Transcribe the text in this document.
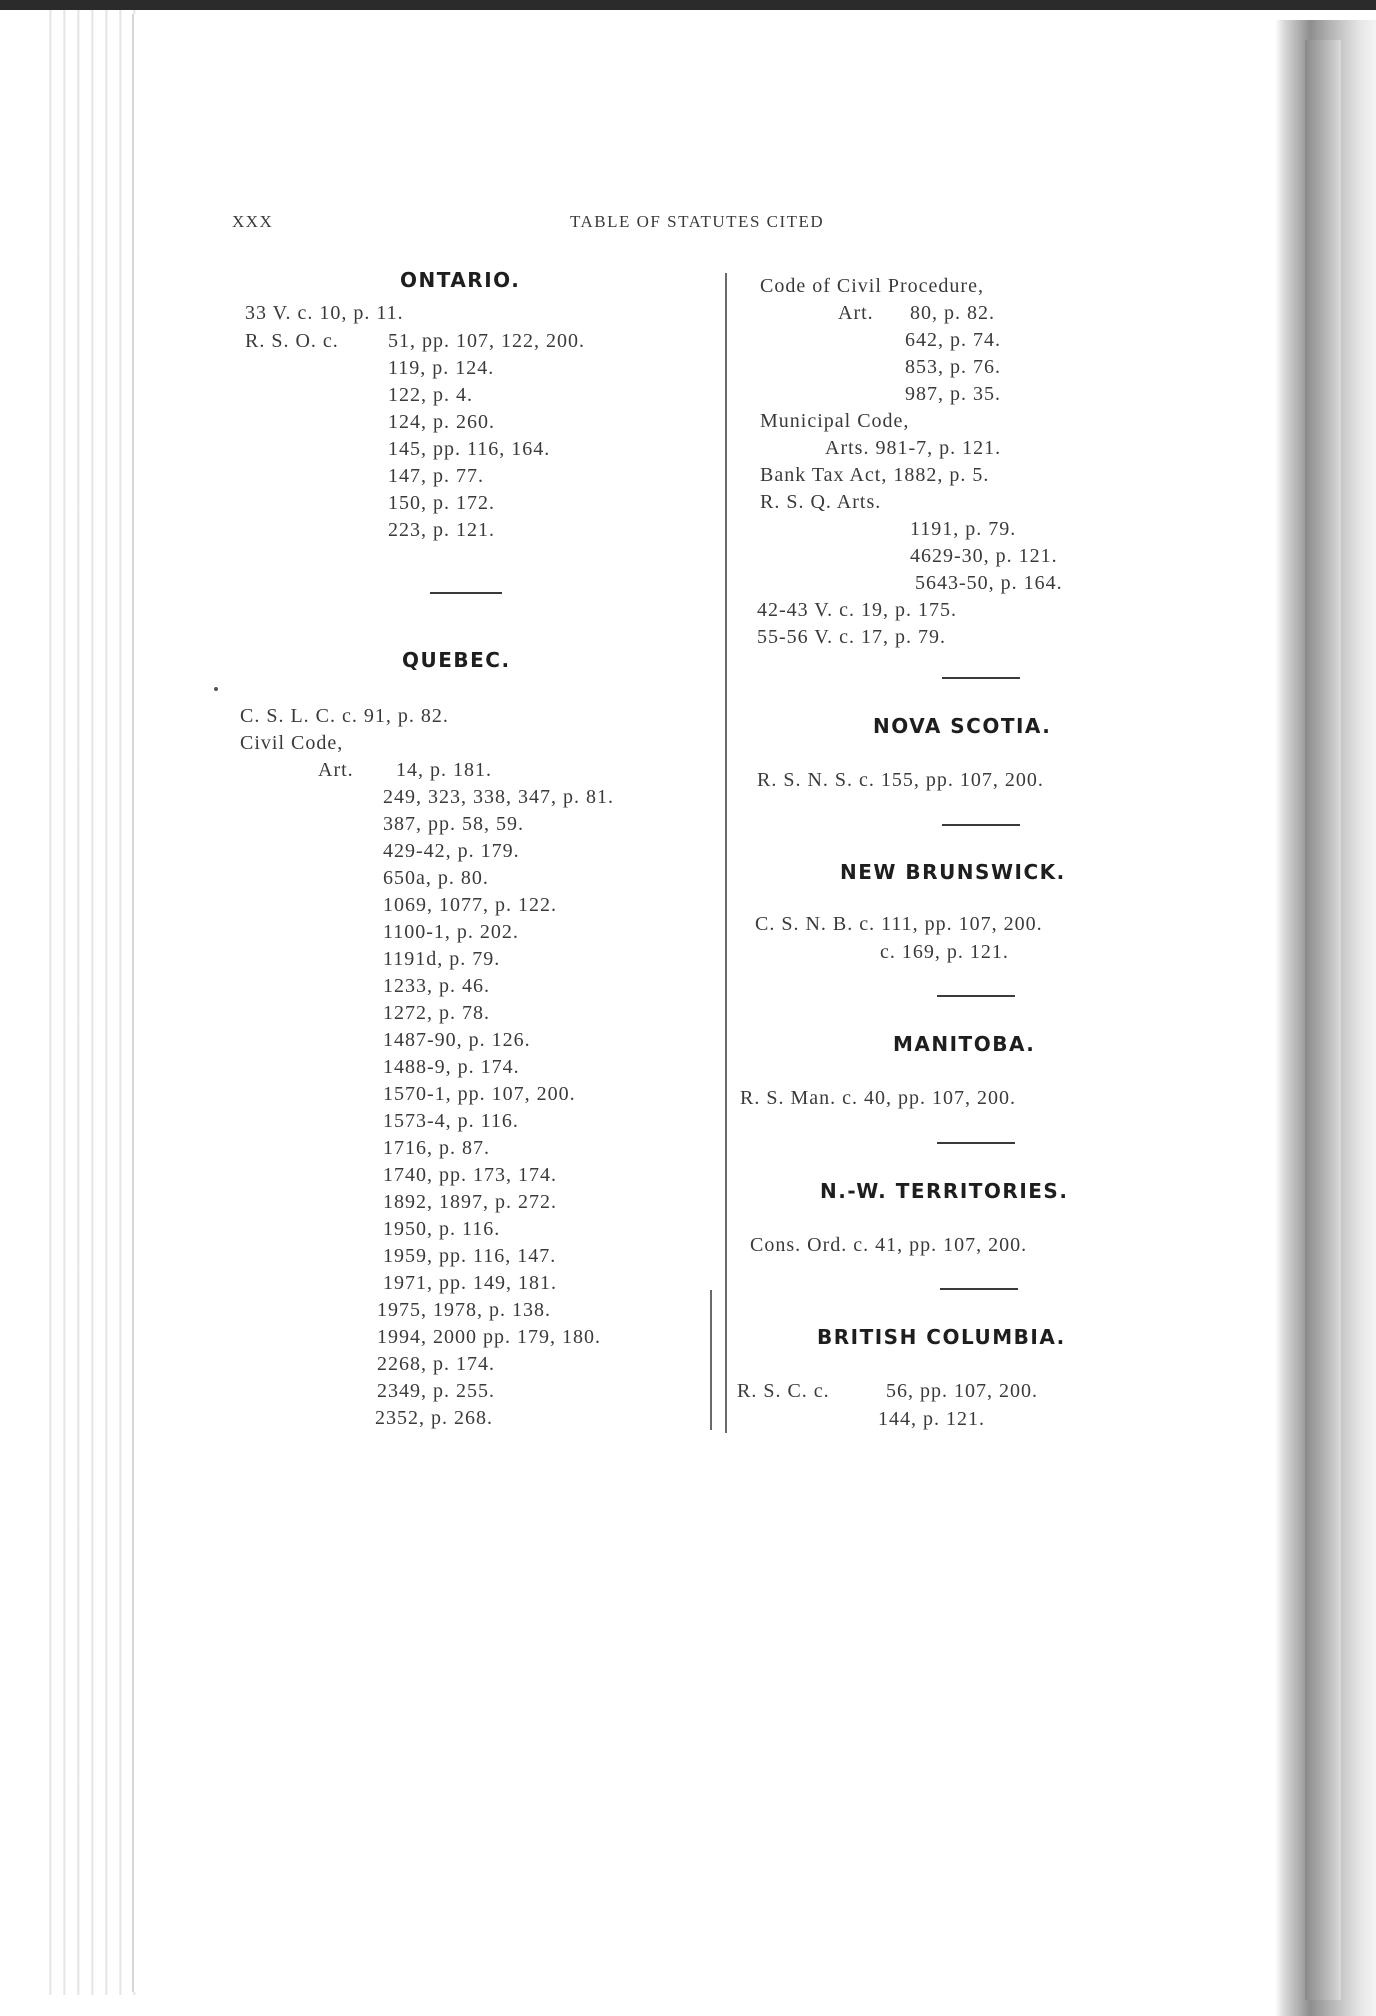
XXX	TABLE OF STATUTES CITED
ONTARIO.
33 V. c. 10, p. 11.
R. S. O. c. 51, pp. 107, 122, 200.
119, p. 124.
122, p. 4.
124, p. 260.
145, pp. 116, 164.
147, p. 77.
150, p. 172.
223, p. 121.
QUEBEC.
C. S. L. C. c. 91, p. 82.
Civil Code,
Art. 14, p. 181.
249, 323, 338, 347, p. 81.
387, pp. 58, 59.
429-42, p. 179.
650a, p. 80.
1069, 1077, p. 122.
1100-1, p. 202.
1191d, p. 79.
1233, p. 46.
1272, p. 78.
1487-90, p. 126.
1488-9, p. 174.
1570-1, pp. 107, 200.
1573-4, p. 116.
1716, p. 87.
1740, pp. 173, 174.
1892, 1897, p. 272.
1950, p. 116.
1959, pp. 116, 147.
1971, pp. 149, 181.
1975, 1978, p. 138.
1994, 2000 pp. 179, 180.
2268, p. 174.
2349, p. 255.
2352, p. 268.
Code of Civil Procedure,
Art. 80, p. 82.
642, p. 74.
853, p. 76.
987, p. 35.
Municipal Code,
Arts. 981-7, p. 121.
Bank Tax Act, 1882, p. 5.
R. S. Q. Arts.
1191, p. 79.
4629-30, p. 121.
5643-50, p. 164.
42-43 V. c. 19, p. 175.
55-56 V. c. 17, p. 79.
NOVA SCOTIA.
R. S. N. S. c. 155, pp. 107, 200.
NEW BRUNSWICK.
C. S. N. B. c. 111, pp. 107, 200.
c. 169, p. 121.
MANITOBA.
R. S. Man. c. 40, pp. 107, 200.
N.-W. TERRITORIES.
Cons. Ord. c. 41, pp. 107, 200.
BRITISH COLUMBIA.
R. S. C. c.	56, pp. 107, 200.
144, p. 121.
